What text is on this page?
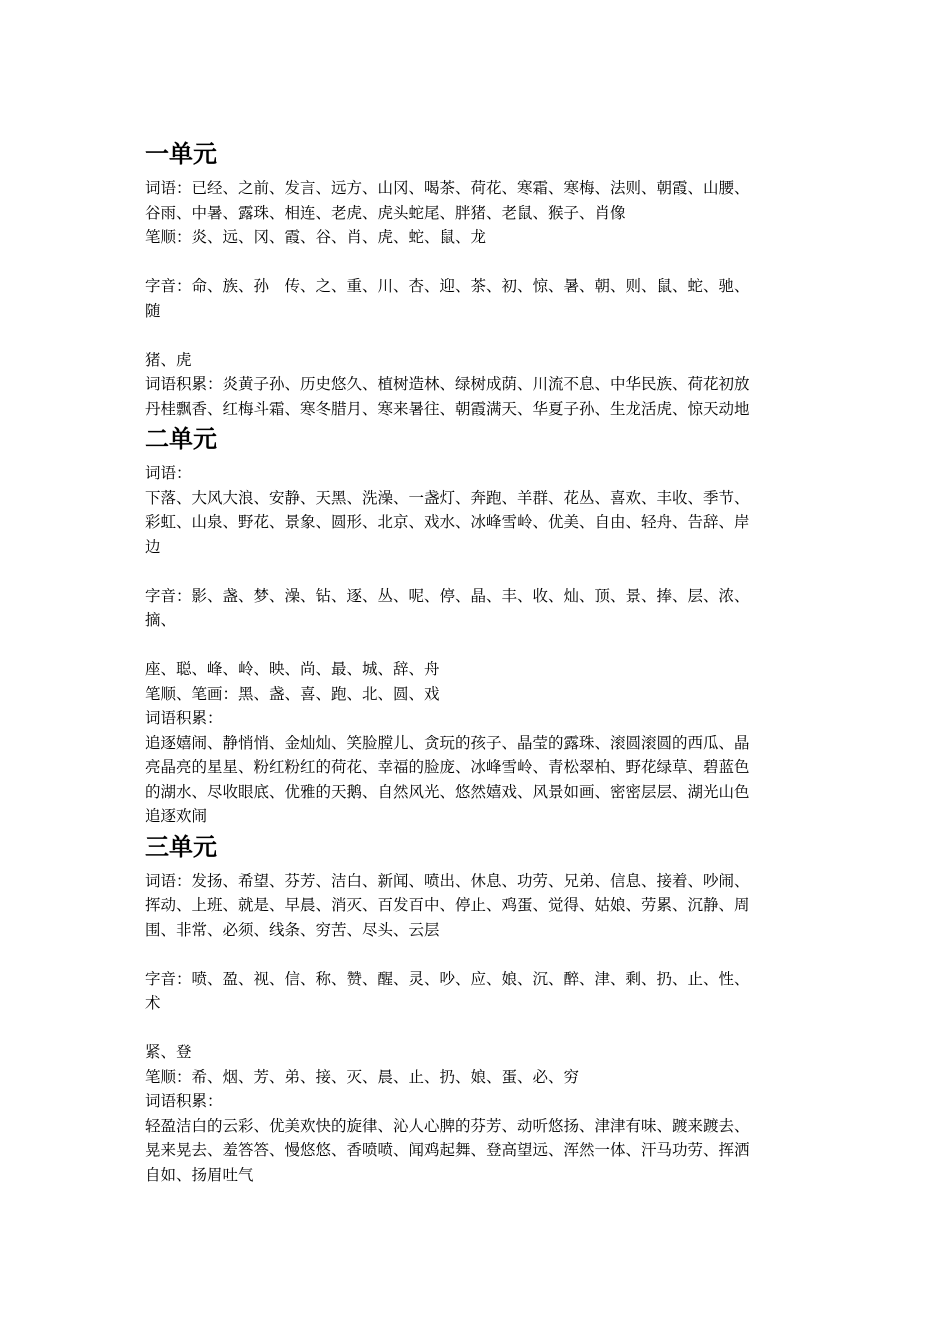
一单元

词语：已经、之前、发言、远方、山冈、喝茶、荷花、寒霜、寒梅、法则、朝霞、山腰、

谷雨、中暑、露珠、相连、老虎、虎头蛇尾、胖猪、老鼠、猴子、肖像

笔顺：炎、远、冈、霞、谷、肖、虎、蛇、鼠、龙

字音：命、族、孙　传、之、重、川、杏、迎、茶、初、惊、暑、朝、则、鼠、蛇、驰、

随

猪、虎

词语积累：炎黄子孙、历史悠久、植树造林、绿树成荫、川流不息、中华民族、荷花初放

丹桂飘香、红梅斗霜、寒冬腊月、寒来暑往、朝霞满天、华夏子孙、生龙活虎、惊天动地

二单元

词语：

下落、大风大浪、安静、天黑、洗澡、一盏灯、奔跑、羊群、花丛、喜欢、丰收、季节、

彩虹、山泉、野花、景象、圆形、北京、戏水、冰峰雪岭、优美、自由、轻舟、告辞、岸

边

字音：影、盏、梦、澡、钻、逐、丛、呢、停、晶、丰、收、灿、顶、景、捧、层、浓、

摘、

座、聪、峰、岭、映、尚、最、城、辞、舟

笔顺、笔画：黑、盏、喜、跑、北、圆、戏

词语积累：

追逐嬉闹、静悄悄、金灿灿、笑脸膛儿、贪玩的孩子、晶莹的露珠、滚圆滚圆的西瓜、晶

亮晶亮的星星、粉红粉红的荷花、幸福的脸庞、冰峰雪岭、青松翠柏、野花绿草、碧蓝色

的湖水、尽收眼底、优雅的天鹅、自然风光、悠然嬉戏、风景如画、密密层层、湖光山色

追逐欢闹

三单元

词语：发扬、希望、芬芳、洁白、新闻、喷出、休息、功劳、兄弟、信息、接着、吵闹、

挥动、上班、就是、早晨、消灭、百发百中、停止、鸡蛋、觉得、姑娘、劳累、沉静、周

围、非常、必须、线条、穷苦、尽头、云层

字音：喷、盈、视、信、称、赞、醒、灵、吵、应、娘、沉、醉、津、剩、扔、止、性、

术

紧、登

笔顺：希、烟、芳、弟、接、灭、晨、止、扔、娘、蛋、必、穷

词语积累：

轻盈洁白的云彩、优美欢快的旋律、沁人心脾的芬芳、动听悠扬、津津有味、踱来踱去、

晃来晃去、羞答答、慢悠悠、香喷喷、闻鸡起舞、登高望远、浑然一体、汗马功劳、挥洒

自如、扬眉吐气
